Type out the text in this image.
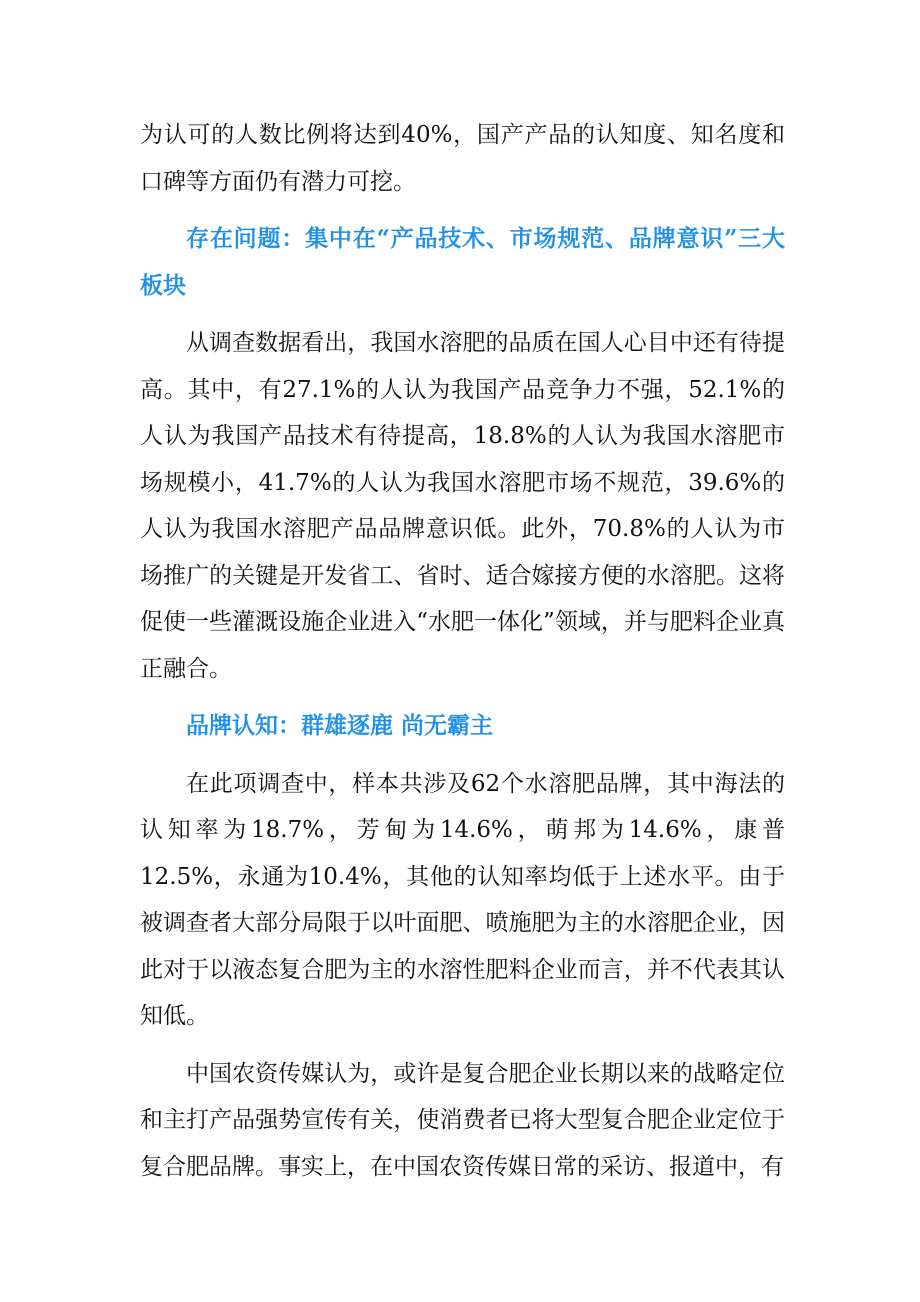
为认可的人数比例将达到40%，国产产品的认知度、知名度和口碑等方面仍有潜力可挖。

存在问题：集中在“产品技术、市场规范、品牌意识”三大板块

从调查数据看出，我国水溶肥的品质在国人心目中还有待提高。其中，有27.1%的人认为我国产品竞争力不强，52.1%的人认为我国产品技术有待提高，18.8%的人认为我国水溶肥市场规模小，41.7%的人认为我国水溶肥市场不规范，39.6%的人认为我国水溶肥产品品牌意识低。此外，70.8%的人认为市场推广的关键是开发省工、省时、适合嫁接方便的水溶肥。这将促使一些灌溉设施企业进入“水肥一体化”领域，并与肥料企业真正融合。

品牌认知：群雄逐鹿 尚无霸主

在此项调查中，样本共涉及62个水溶肥品牌，其中海法的认知率为18.7%，芳甸为14.6%，萌邦为14.6%，康普12.5%，永通为10.4%，其他的认知率均低于上述水平。由于被调查者大部分局限于以叶面肥、喷施肥为主的水溶肥企业，因此对于以液态复合肥为主的水溶性肥料企业而言，并不代表其认知低。

中国农资传媒认为，或许是复合肥企业长期以来的战略定位和主打产品强势宣传有关，使消费者已将大型复合肥企业定位于复合肥品牌。事实上，在中国农资传媒日常的采访、报道中，有
